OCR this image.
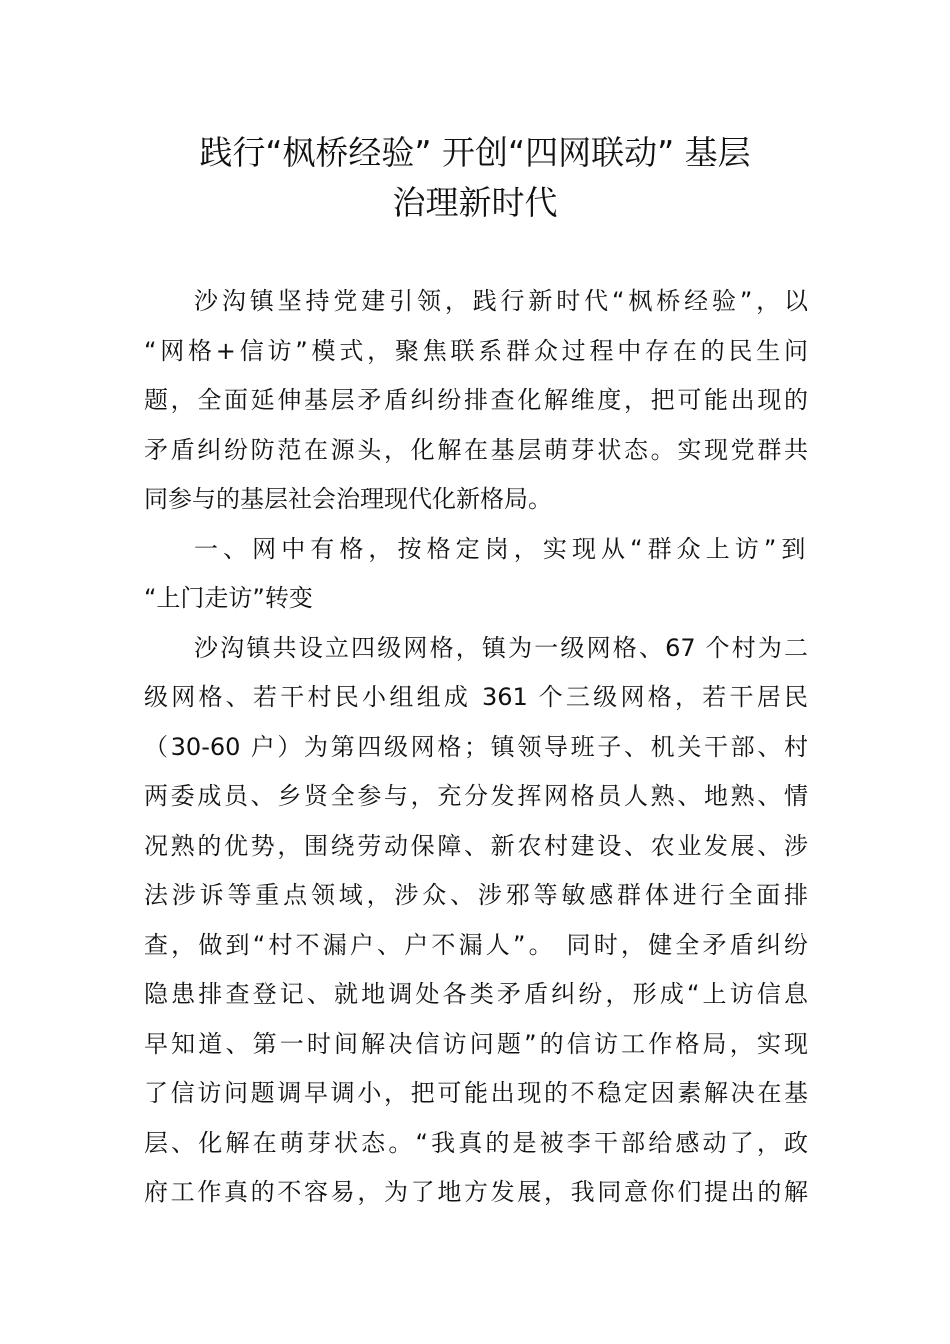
践行“枫桥经验” 开创“四网联动” 基层
治理新时代
沙沟镇坚持党建引领，践行新时代“枫桥经验”，以
“网格+信访”模式，聚焦联系群众过程中存在的民生问
题，全面延伸基层矛盾纠纷排查化解维度，把可能出现的
矛盾纠纷防范在源头，化解在基层萌芽状态。实现党群共
同参与的基层社会治理现代化新格局。
一、网中有格，按格定岗，实现从“群众上访”到
“上门走访”转变
沙沟镇共设立四级网格，镇为一级网格、67 个村为二
级网格、若干村民小组组成 361 个三级网格，若干居民
（30-60 户）为第四级网格；镇领导班子、机关干部、村
两委成员、乡贤全参与，充分发挥网格员人熟、地熟、情
况熟的优势，围绕劳动保障、新农村建设、农业发展、涉
法涉诉等重点领域，涉众、涉邪等敏感群体进行全面排
查，做到“村不漏户、户不漏人”。 同时，健全矛盾纠纷
隐患排查登记、就地调处各类矛盾纠纷，形成“上访信息
早知道、第一时间解决信访问题”的信访工作格局，实现
了信访问题调早调小，把可能出现的不稳定因素解决在基
层、化解在萌芽状态。“我真的是被李干部给感动了，政
府工作真的不容易，为了地方发展，我同意你们提出的解
